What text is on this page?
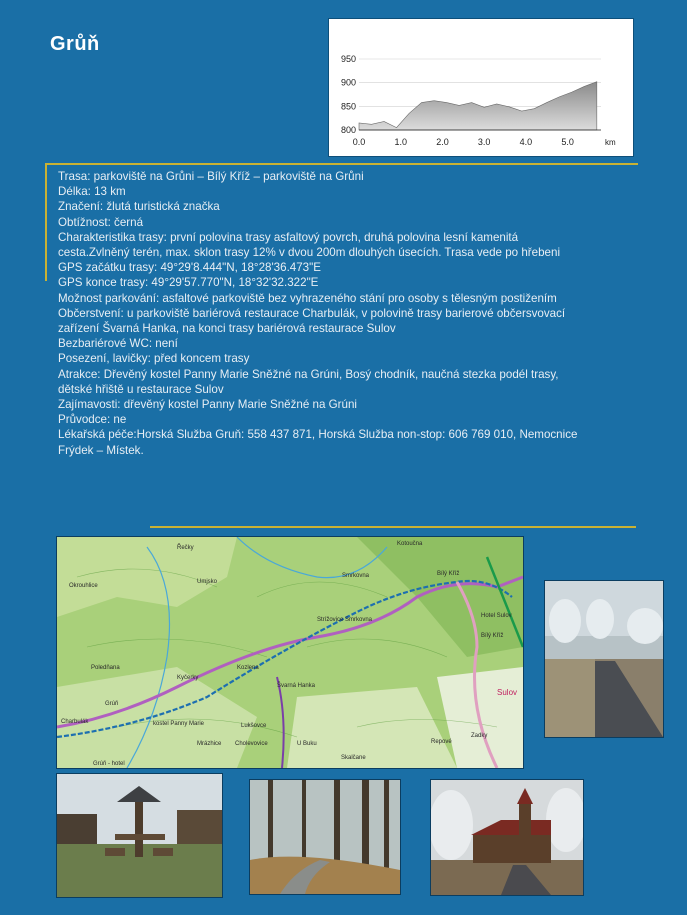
Grůň
950
900
850
800
0.0	1.0	2.0	3.0	4.0	5.0	km
Trasa: parkoviště na Grůni – Bílý Kříž – parkoviště na Grůni
Délka: 13 km
Značení: žlutá turistická značka
Obtížnost: černá
Charakteristika trasy: první polovina trasy asfaltový povrch, druhá polovina lesní kamenitá
cesta.Zvlněný terén, max. sklon trasy 12% v dvou 200m dlouhých úsecích. Trasa vede po hřebeni
GPS začátku trasy: 49°29'8.444"N, 18°28'36.473"E
GPS konce trasy: 49°29'57.770"N, 18°32'32.322"E
Možnost parkování: asfaltové parkoviště bez vyhrazeného stání pro osoby s tělesným postižením
Občerstvení: u parkoviště bariérová restaurace Charbulák, v polovině trasy barierové občersvovací
zařízení Švarná Hanka, na konci trasy bariérová restaurace Sulov
Bezbariérové WC: není
Posezení, lavičky: před koncem trasy
Atrakce: Dřevěný kostel Panny Marie Sněžné na Grúni, Bosý chodník, naučná stezka podél trasy,
dětské hřiště u restaurace Sulov
Zajímavosti: dřevěný kostel Panny Marie Sněžné na Grúni
Průvodce: ne
Lékařská péče:Horská Služba Gruň: 558 437 871, Horská Služba non-stop: 606 769 010, Nemocnice
Frýdek – Místek.
Řečky
Kotoučna
Smrkovna	Bílý Kříž
Umjsko
Okrouhlice
Strížovice
Poledňana
Kyčerky
Kozlena
Grúň
Charbulák
Lukšovce
Mrázhice Cholevovice	U Buku
Skalčane
Repové
Zadky
Sulov
Švarná Hanka
Hotel Sulov
Bílý Kříž
Grúň - hotel
kostel Panny Marie
Smrkovna
